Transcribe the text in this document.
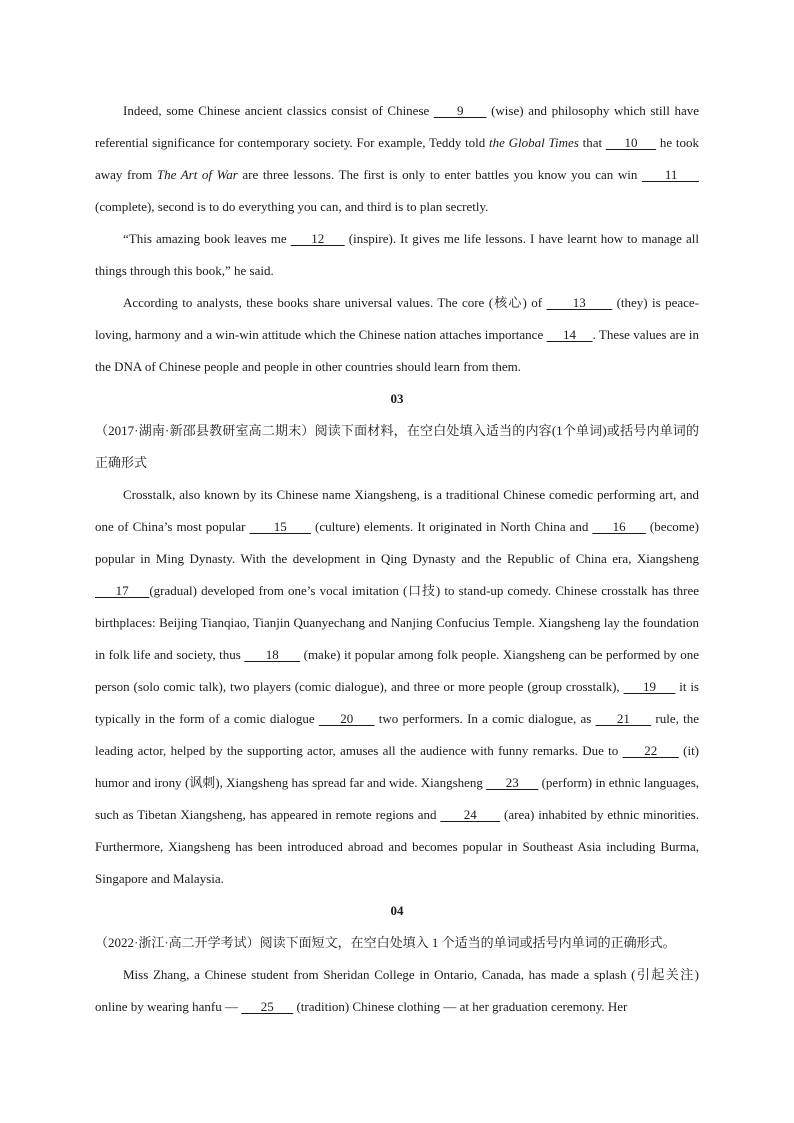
Indeed, some Chinese ancient classics consist of Chinese      9      (wise) and philosophy which still have referential significance for contemporary society. For example, Teddy told the Global Times that      10      he took away from The Art of War are three lessons. The first is only to enter battles you know you can win      11      (complete), second is to do everything you can, and third is to plan secretly.

“This amazing book leaves me      12      (inspire). It gives me life lessons. I have learnt how to manage all things through this book,” he said.

According to analysts, these books share universal values. The core (核心) of       13       (they) is peace-loving, harmony and a win-win attitude which the Chinese nation attaches importance      14     . These values are in the DNA of Chinese people and people in other countries should learn from them.

03

（2017·湖南·新邵县教研室高二期末）阅读下面材料，在空白处填入适当的内容(1个单词)或括号内单词的正确形式

Crosstalk, also known by its Chinese name Xiangsheng, is a traditional Chinese comedic performing art, and one of China’s most popular       15       (culture) elements. It originated in North China and      16      (become) popular in Ming Dynasty. With the development in Qing Dynasty and the Republic of China era, Xiangsheng      17     (gradual) developed from one’s vocal imitation (口技) to stand-up comedy. Chinese crosstalk has three birthplaces: Beijing Tianqiao, Tianjin Quanyechang and Nanjing Confucius Temple. Xiangsheng lay the foundation in folk life and society, thus       18       (make) it popular among folk people. Xiangsheng can be performed by one person (solo comic talk), two players (comic dialogue), and three or more people (group crosstalk),      19      it is typically in the form of a comic dialogue      20      two performers. In a comic dialogue, as      21      rule, the leading actor, helped by the supporting actor, amuses all the audience with funny remarks. Due to      22      (it) humor and irony (讽刺), Xiangsheng has spread far and wide. Xiangsheng       23       (perform) in ethnic languages, such as Tibetan Xiangsheng, has appeared in remote regions and       24       (area) inhabited by ethnic minorities. Furthermore, Xiangsheng has been introduced abroad and becomes popular in Southeast Asia including Burma, Singapore and Malaysia.

04

（2022·浙江·高二开学考试）阅读下面短文，在空白处填入 1 个适当的单词或括号内单词的正确形式。

Miss Zhang, a Chinese student from Sheridan College in Ontario, Canada, has made a splash (引起关注) online by wearing hanfu —       25       (tradition) Chinese clothing — at her graduation ceremony. Her
